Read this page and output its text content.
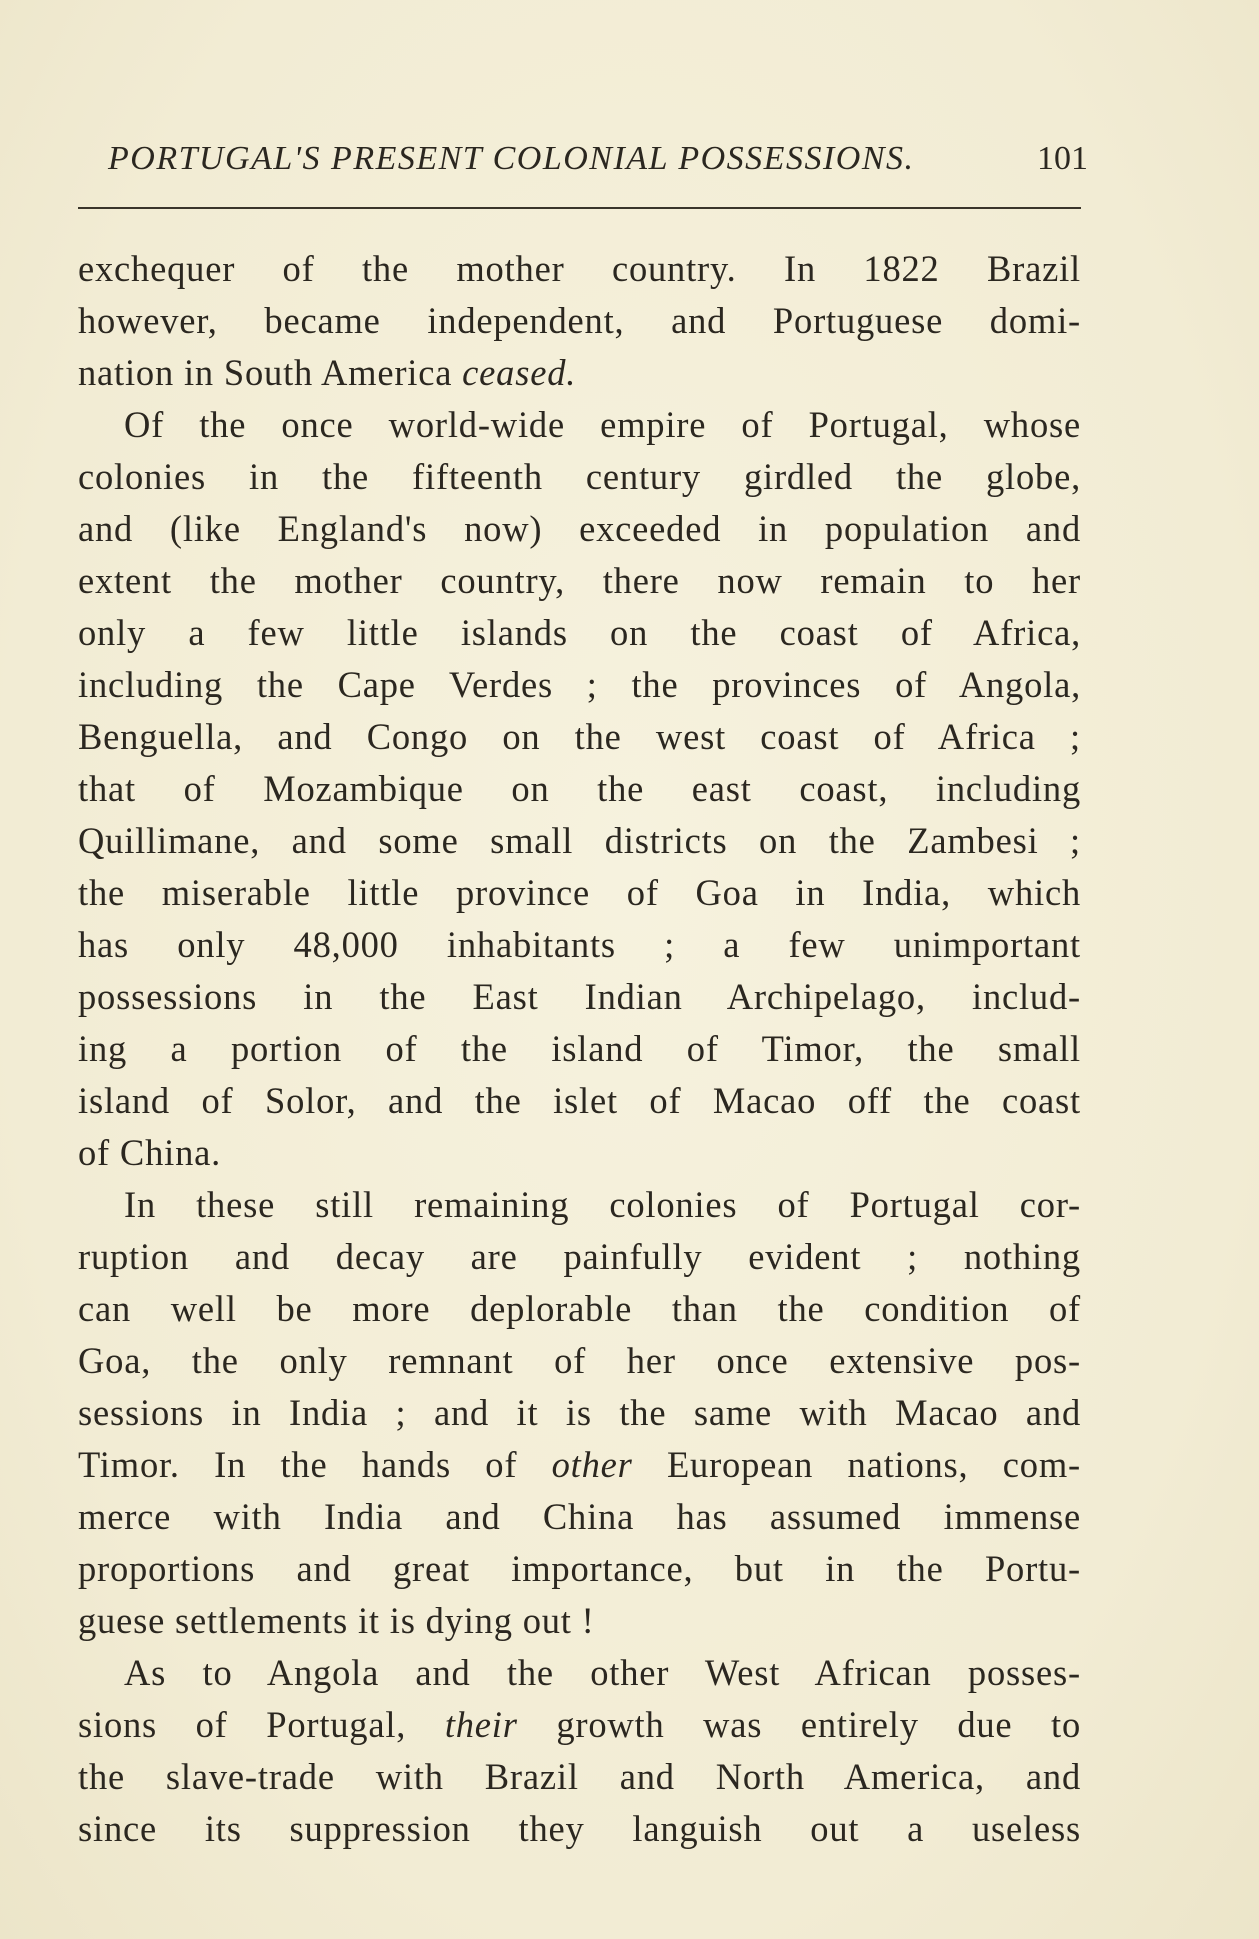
PORTUGAL'S PRESENT COLONIAL POSSESSIONS.	101
exchequer of the mother country. In 1822 Brazil
however, became independent, and Portuguese domi-
nation in South America ceased.
Of the once world-wide empire of Portugal, whose
colonies in the fifteenth century girdled the globe,
and (like England's now) exceeded in population and
extent the mother country, there now remain to her
only a few little islands on the coast of Africa,
including the Cape Verdes ; the provinces of Angola,
Benguella, and Congo on the west coast of Africa ;
that of Mozambique on the east coast, including
Quillimane, and some small districts on the Zambesi ;
the miserable little province of Goa in India, which
has only 48,000 inhabitants ; a few unimportant
possessions in the East Indian Archipelago, includ-
ing a portion of the island of Timor, the small
island of Solor, and the islet of Macao off the coast
of China.
In these still remaining colonies of Portugal cor-
ruption and decay are painfully evident ; nothing
can well be more deplorable than the condition of
Goa, the only remnant of her once extensive pos-
sessions in India ; and it is the same with Macao and
Timor. In the hands of other European nations, com-
merce with India and China has assumed immense
proportions and great importance, but in the Portu-
guese settlements it is dying out !
As to Angola and the other West African posses-
sions of Portugal, their growth was entirely due to
the slave-trade with Brazil and North America, and
since its suppression they languish out a useless
